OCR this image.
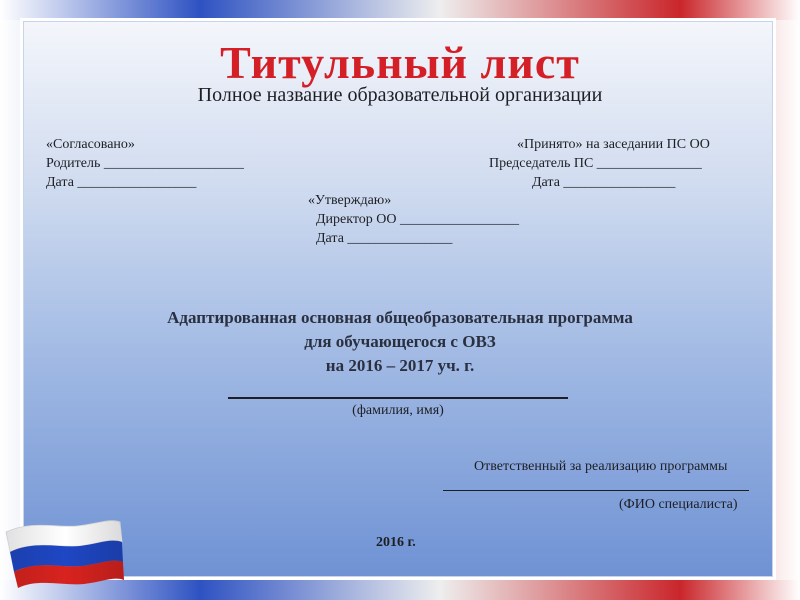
Титульный лист
Полное название образовательной организации
«Согласовано»
Родитель ____________________
Дата _________________
«Принято» на заседании ПС ОО
Председатель ПС _______________
Дата ________________
«Утверждаю»
Директор ОО _________________
Дата _______________
Адаптированная основная общеобразовательная программа
для обучающегося с ОВЗ
на 2016 – 2017 уч. г.
(фамилия, имя)
Ответственный за реализацию программы
(ФИО специалиста)
2016 г.
